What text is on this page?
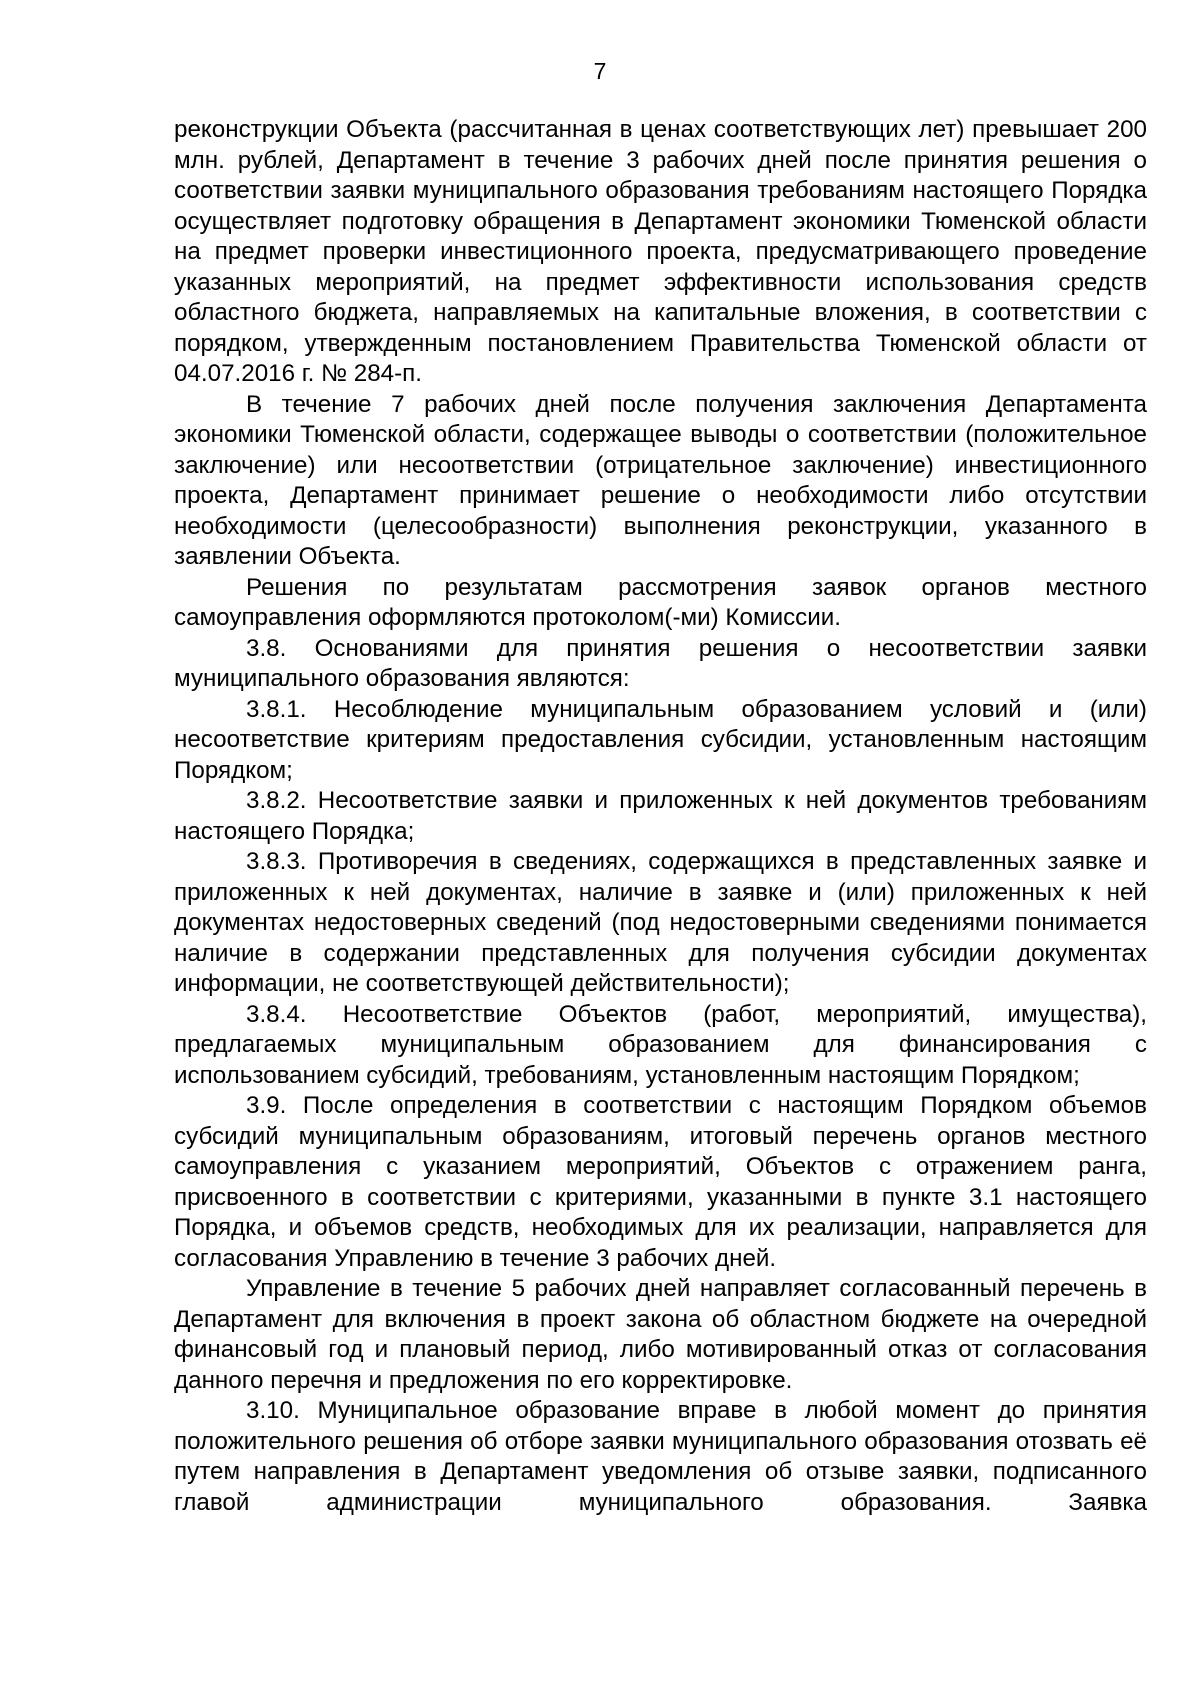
7

реконструкции Объекта (рассчитанная в ценах соответствующих лет) превышает 200 млн. рублей, Департамент в течение 3 рабочих дней после принятия решения о соответствии заявки муниципального образования требованиям настоящего Порядка осуществляет подготовку обращения в Департамент экономики Тюменской области на предмет проверки инвестиционного проекта, предусматривающего проведение указанных мероприятий, на предмет эффективности использования средств областного бюджета, направляемых на капитальные вложения, в соответствии с порядком, утвержденным постановлением Правительства Тюменской области от 04.07.2016 г. № 284-п.

В течение 7 рабочих дней после получения заключения Департамента экономики Тюменской области, содержащее выводы о соответствии (положительное заключение) или несоответствии (отрицательное заключение) инвестиционного проекта, Департамент принимает решение о необходимости либо отсутствии необходимости (целесообразности) выполнения реконструкции, указанного в заявлении Объекта.

Решения по результатам рассмотрения заявок органов местного самоуправления оформляются протоколом(-ми) Комиссии.

3.8. Основаниями для принятия решения о несоответствии заявки муниципального образования являются:

3.8.1. Несоблюдение муниципальным образованием условий и (или) несоответствие критериям предоставления субсидии, установленным настоящим Порядком;

3.8.2. Несоответствие заявки и приложенных к ней документов требованиям настоящего Порядка;

3.8.3. Противоречия в сведениях, содержащихся в представленных заявке и приложенных к ней документах, наличие в заявке и (или) приложенных к ней документах недостоверных сведений (под недостоверными сведениями понимается наличие в содержании представленных для получения субсидии документах информации, не соответствующей действительности);

3.8.4. Несоответствие Объектов (работ, мероприятий, имущества), предлагаемых муниципальным образованием для финансирования с использованием субсидий, требованиям, установленным настоящим Порядком;

3.9. После определения в соответствии с настоящим Порядком объемов субсидий муниципальным образованиям, итоговый перечень органов местного самоуправления с указанием мероприятий, Объектов с отражением ранга, присвоенного в соответствии с критериями, указанными в пункте 3.1 настоящего Порядка, и объемов средств, необходимых для их реализации, направляется для согласования Управлению в течение 3 рабочих дней.

Управление в течение 5 рабочих дней направляет согласованный перечень в Департамент для включения в проект закона об областном бюджете на очередной финансовый год и плановый период, либо мотивированный отказ от согласования данного перечня и предложения по его корректировке.

3.10. Муниципальное образование вправе в любой момент до принятия положительного решения об отборе заявки муниципального образования отозвать её путем направления в Департамент уведомления об отзыве заявки, подписанного главой администрации муниципального образования. Заявка
